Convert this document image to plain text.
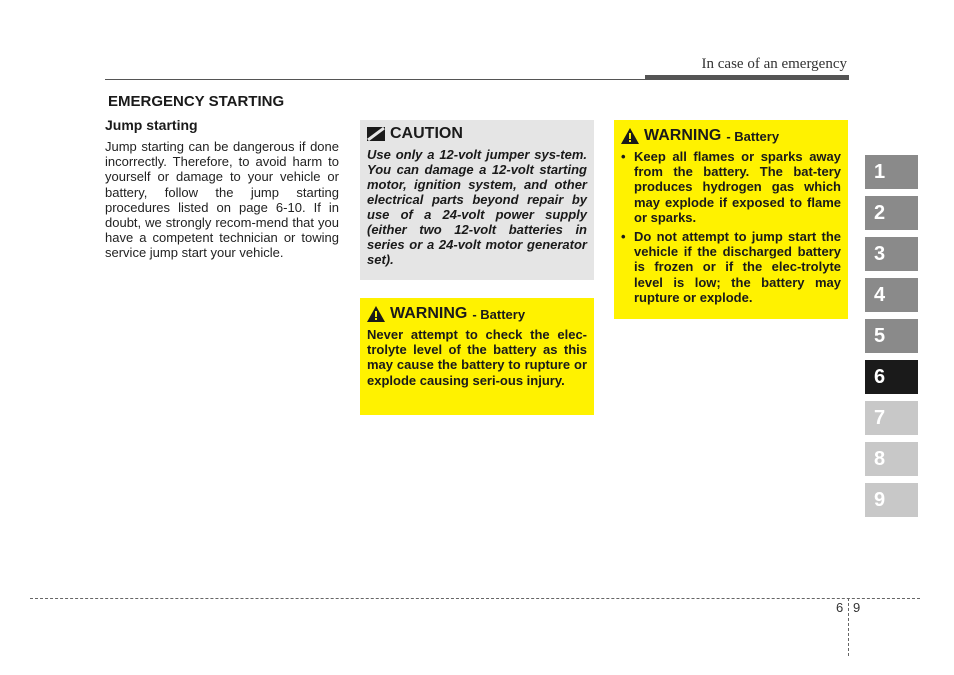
In case of an emergency
EMERGENCY STARTING
Jump starting
Jump starting can be dangerous if done incorrectly. Therefore, to avoid harm to yourself or damage to your vehicle or battery, follow the jump starting procedures listed on page 6-10. If in doubt, we strongly recom-mend that you have a competent technician or towing service jump start your vehicle.
CAUTION
Use only a 12-volt jumper sys-tem. You can damage a 12-volt starting motor, ignition system, and other electrical parts beyond repair by use of a 24-volt power supply (either two 12-volt batteries in series or a 24-volt motor generator set).
WARNING - Battery
Never attempt to check the elec-trolyte level of the battery as this may cause the battery to rupture or explode causing seri-ous injury.
WARNING - Battery
• Keep all flames or sparks away from the battery. The bat-tery produces hydrogen gas which may explode if exposed to flame or sparks.
• Do not attempt to jump start the vehicle if the discharged battery is frozen or if the elec-trolyte level is low; the battery may rupture or explode.
1
2
3
4
5
6
7
8
9
6 9
